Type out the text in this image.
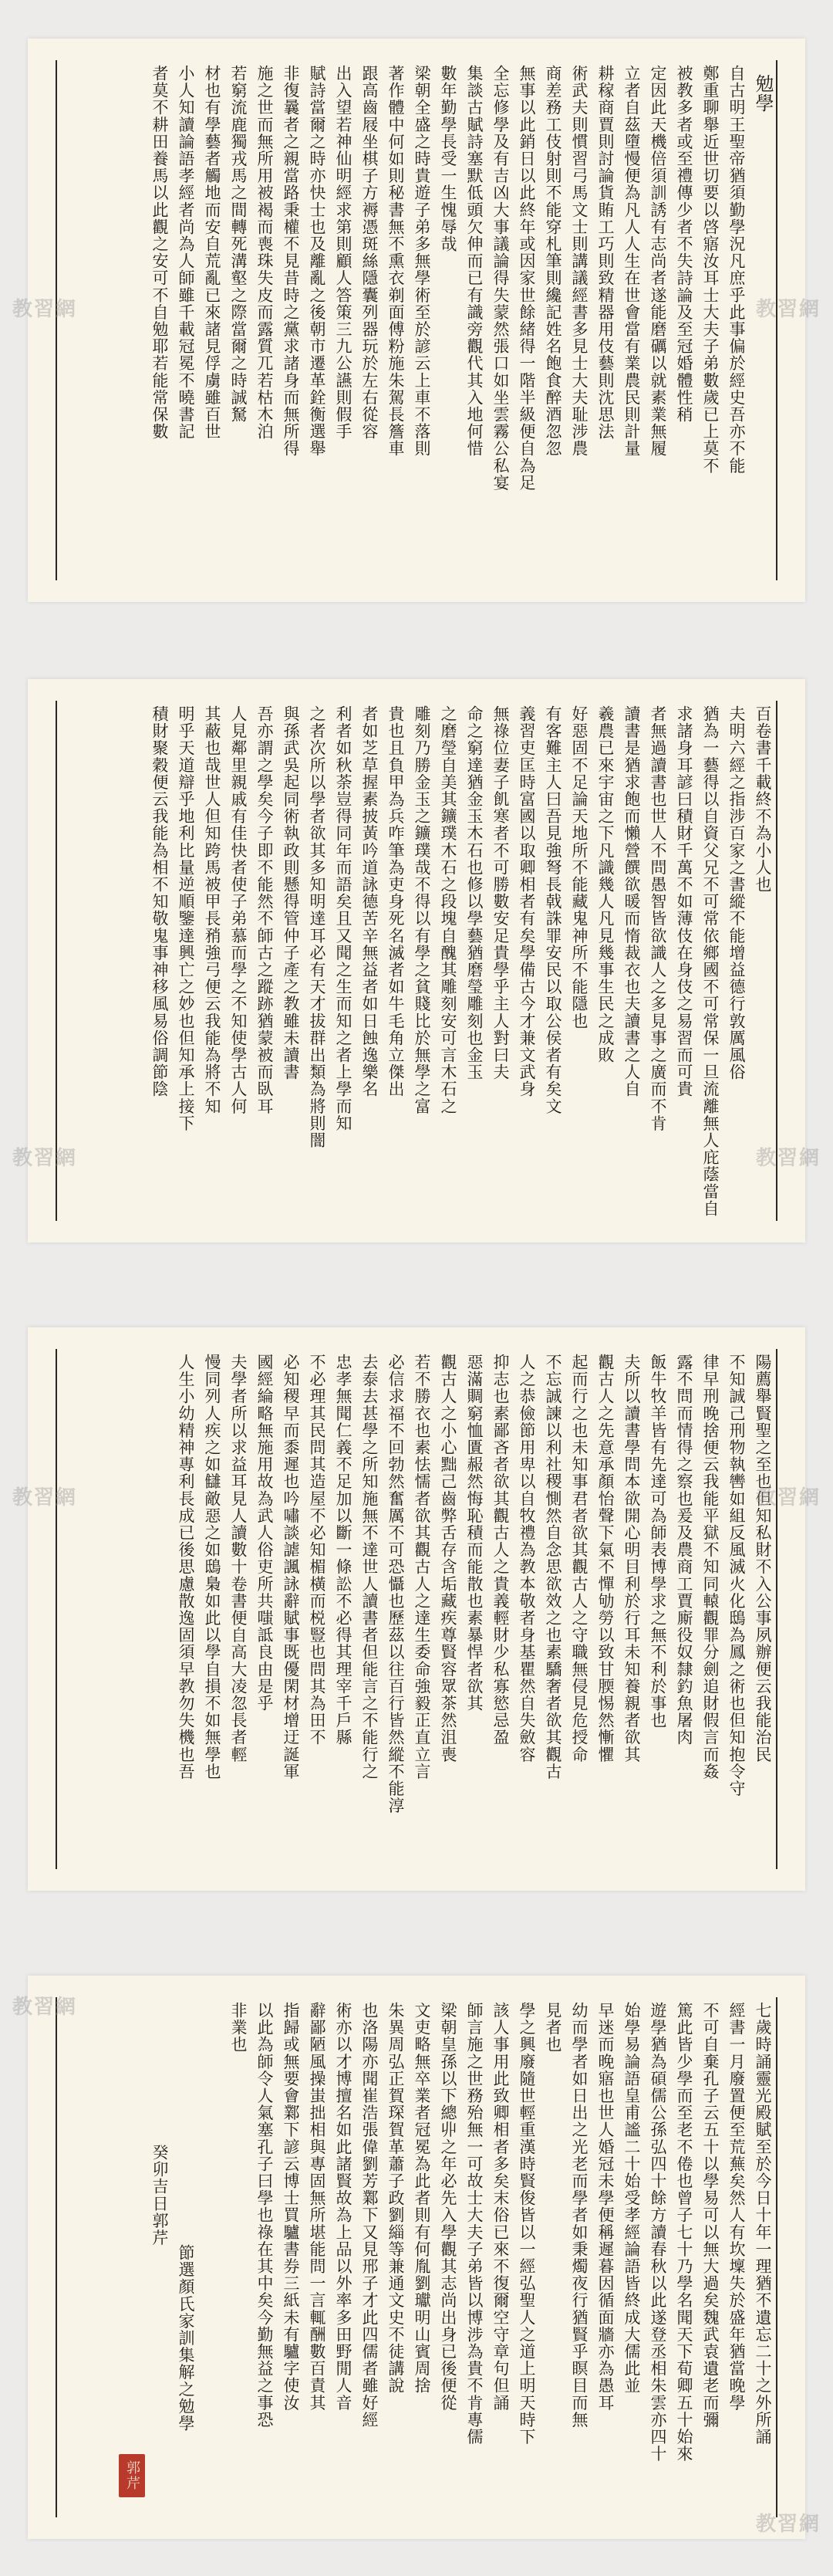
勉學
自古明王聖帝猶須勤學況凡庶乎此事偏於經史吾亦不能
鄭重聊舉近世切要以啓寤汝耳士大夫子弟數歲已上莫不
被教多者或至禮傳少者不失詩論及至冠婚體性稍
定因此天機倍須訓誘有志尚者遂能磨礪以就素業無履
立者自茲墮慢便為凡人人生在世會當有業農民則計量
耕稼商賈則討論貨賄工巧則致精器用伎藝則沈思法
術武夫則慣習弓馬文士則講議經書多見士大夫耻涉農
商差務工伎射則不能穿札筆則纔記姓名飽食醉酒忽忽
無事以此銷日以此終年或因家世餘緒得一階半級便自為足
全忘修學及有吉凶大事議論得失蒙然張口如坐雲霧公私宴
集談古賦詩塞默低頭欠伸而已有識旁觀代其入地何惜
數年勤學長受一生愧辱哉
梁朝全盛之時貴遊子弟多無學術至於諺云上車不落則
著作體中何如則秘書無不熏衣剃面傅粉施朱駕長簷車
跟高齒屐坐棋子方褥憑斑絲隱囊列器玩於左右從容
出入望若神仙明經求第則顧人答策三九公讌則假手
賦詩當爾之時亦快士也及離亂之後朝市遷革銓衡選舉
非復曩者之親當路秉權不見昔時之黨求諸身而無所得
施之世而無所用被褐而喪珠失皮而露質兀若枯木泊
若窮流鹿獨戎馬之間轉死溝壑之際當爾之時誠駑
材也有學藝者觸地而安自荒亂已來諸見俘虜雖百世
小人知讀論語孝經者尚為人師雖千載冠冕不曉書記
者莫不耕田養馬以此觀之安可不自勉耶若能常保數
教習網	教習網
百卷書千載終不為小人也
夫明六經之指涉百家之書縱不能增益德行敦厲風俗
猶為一藝得以自資父兄不可常依鄉國不可常保一旦流離無人庇蔭當自
求諸身耳諺曰積財千萬不如薄伎在身伎之易習而可貴
者無過讀書也世人不問愚智皆欲識人之多見事之廣而不肯
讀書是猶求飽而懶營饌欲暖而惰裁衣也夫讀書之人自
羲農已來宇宙之下凡識幾人凡見幾事生民之成敗
好惡固不足論天地所不能藏鬼神所不能隱也
有客難主人曰吾見強弩長戟誅罪安民以取公侯者有矣文
義習吏匡時富國以取卿相者有矣學備古今才兼文武身
無祿位妻子飢寒者不可勝數安足貴學乎主人對曰夫
命之窮達猶金玉木石也修以學藝猶磨瑩雕刻也金玉
之磨瑩自美其鑛璞木石之段塊自醜其雕刻安可言木石之
雕刻乃勝金玉之鑛璞哉不得以有學之貧賤比於無學之富
貴也且負甲為兵咋筆為吏身死名滅者如牛毛角立傑出
者如芝草握素披黃吟道詠德苦辛無益者如日蝕逸樂名
利者如秋荼豈得同年而語矣且又聞之生而知之者上學而知
之者次所以學者欲其多知明達耳必有天才拔群出類為將則闇
與孫武吳起同術執政則懸得管仲子產之教雖未讀書
吾亦謂之學矣今子即不能然不師古之蹤跡猶蒙被而臥耳
人見鄰里親戚有佳快者使子弟慕而學之不知使學古人何
其蔽也哉世人但知跨馬被甲長矟強弓便云我能為將不知
明乎天道辯乎地利比量逆順鑒達興亡之妙也但知承上接下
積財聚穀便云我能為相不知敬鬼事神移風易俗調節陰
教習網	教習網
陽薦舉賢聖之至也但知私財不入公事夙辦便云我能治民
不知誠己刑物執轡如組反風滅火化鴟為鳳之術也但知抱令守
律早刑晚捨便云我能平獄不知同轅觀罪分劍追財假言而姦
露不問而情得之察也爰及農商工賈廝役奴隸釣魚屠肉
飯牛牧羊皆有先達可為師表博學求之無不利於事也
夫所以讀書學問本欲開心明目利於行耳未知養親者欲其
觀古人之先意承顏怡聲下氣不憚劬勞以致甘腝惕然慚懼
起而行之也未知事君者欲其觀古人之守職無侵見危授命
不忘誠諫以利社稷惻然自念思欲效之也素驕奢者欲其觀古
人之恭儉節用卑以自牧禮為教本敬者身基瞿然自失斂容
抑志也素鄙吝者欲其觀古人之貴義輕財少私寡慾忌盈
惡滿賙窮恤匱赧然悔恥積而能散也素暴悍者欲其
觀古人之小心黜己齒弊舌存含垢藏疾尊賢容眾茶然沮喪
若不勝衣也素怯懦者欲其觀古人之達生委命強毅正直立言
必信求福不回勃然奮厲不可恐懾也歷茲以往百行皆然縱不能淳
去泰去甚學之所知施無不達世人讀書者但能言之不能行之
忠孝無聞仁義不足加以斷一條訟不必得其理宰千戶縣
不必理其民問其造屋不必知楣橫而棁豎也問其為田不
必知稷早而黍遲也吟嘯談謔諷詠辭賦事既優閑材增迂誕軍
國經綸略無施用故為武人俗吏所共嗤詆良由是乎
夫學者所以求益耳見人讀數十卷書便自高大凌忽長者輕
慢同列人疾之如讎敵惡之如鴟梟如此以學自損不如無學也
人生小幼精神專利長成已後思慮散逸固須早教勿失機也吾
教習網	教習網
七歲時誦靈光殿賦至於今日十年一理猶不遺忘二十之外所誦
經書一月廢置便至荒蕪矣然人有坎壈失於盛年猶當晚學
不可自棄孔子云五十以學易可以無大過矣魏武袁遺老而彌
篤此皆少學而至老不倦也曾子七十乃學名聞天下荀卿五十始來
遊學猶為碩儒公孫弘四十餘方讀春秋以此遂登丞相朱雲亦四十
始學易論語皇甫謐二十始受孝經論語皆終成大儒此並
早迷而晚寤也世人婚冠未學便稱遲暮因循面牆亦為愚耳
幼而學者如日出之光老而學者如秉燭夜行猶賢乎瞑目而無
見者也
學之興廢隨世輕重漢時賢俊皆以一經弘聖人之道上明天時下
該人事用此致卿相者多矣末俗已來不復爾空守章句但誦
師言施之世務殆無一可故士大夫子弟皆以博涉為貴不肯專儒
梁朝皇孫以下總丱之年必先入學觀其志尚出身已後便從
文吏略無卒業者冠冕為此者則有何胤劉瓛明山賓周捨
朱異周弘正賀琛賀革蕭子政劉緇等兼通文史不徒講說
也洛陽亦聞崔浩張偉劉芳鄴下又見邢子才此四儒者雖好經
術亦以才博擅名如此諸賢故為上品以外率多田野閒人音
辭鄙陋風操蚩拙相與專固無所堪能問一言輒酬數百責其
指歸或無要會鄴下諺云博士買驢書券三紙未有驢字使汝
以此為師令人氣塞孔子曰學也祿在其中矣今勤無益之事恐
非業也
節選顏氏家訓集解之勉學
癸卯吉日郭芹
郭芹
教習網
教習網
